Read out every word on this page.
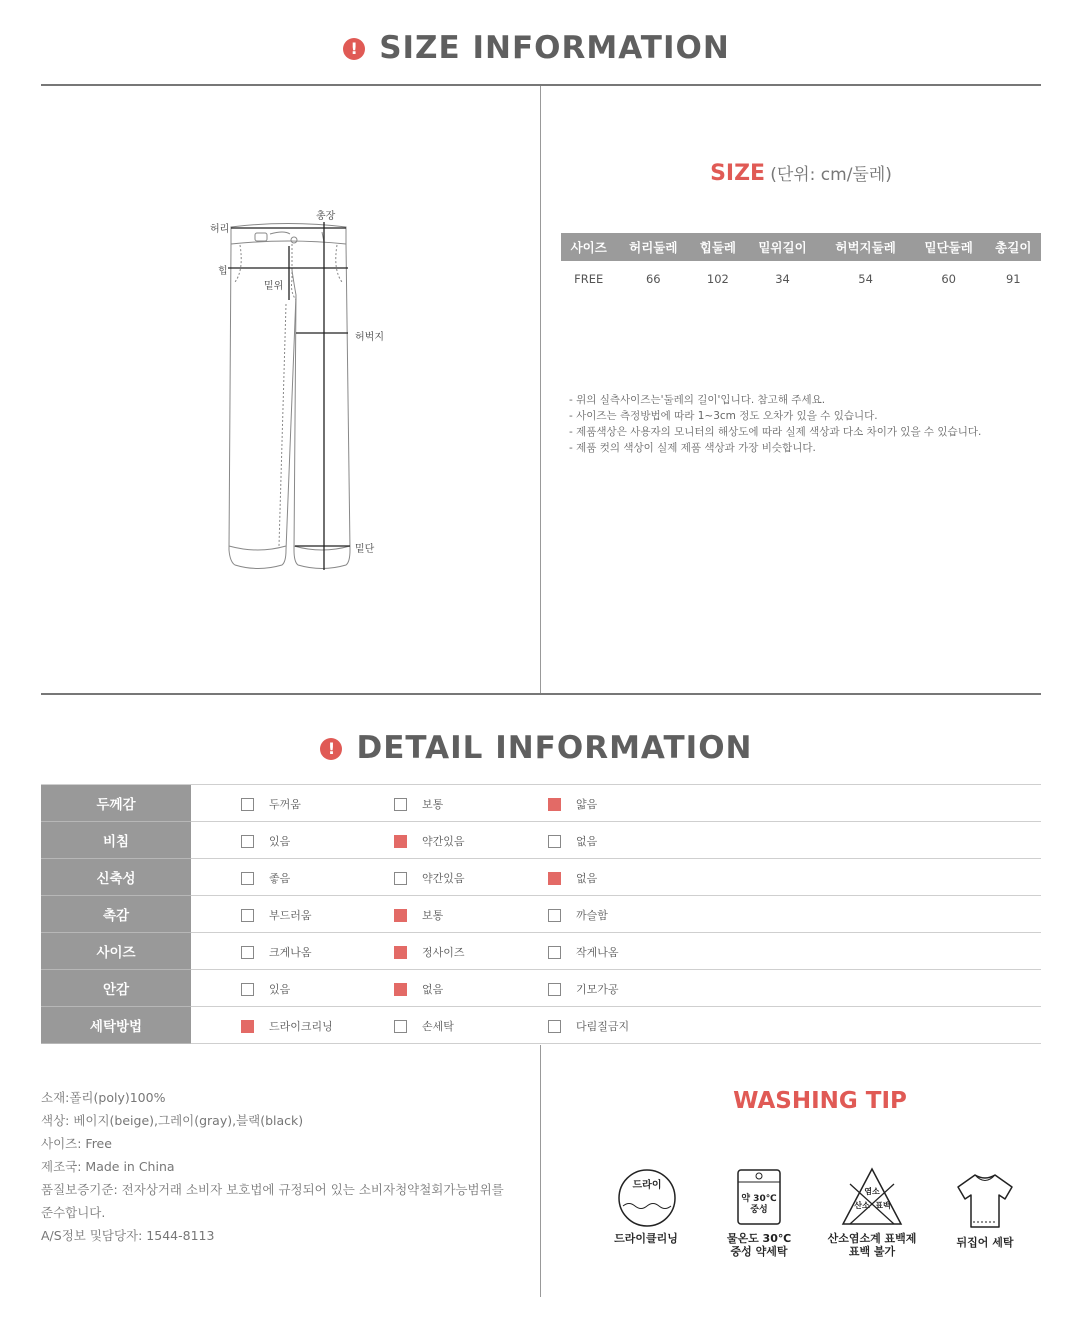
! SIZE INFORMATION
허리
총장
힙
밑위
허벅지
밑단
SIZE (단위: cm/둘레)
사이즈	허리둘레	힙둘레	밑위길이	허벅지둘레	밑단둘레	총길이
FREE	66	102	34	54	60	91
- 위의 실측사이즈는'둘레의 길이'입니다. 참고해 주세요.
- 사이즈는 측정방법에 따라 1~3cm 정도 오차가 있을 수 있습니다.
- 제품색상은 사용자의 모니터의 해상도에 따라 실제 색상과 다소 차이가 있을 수 있습니다.
- 제품 컷의 색상이 실제 제품 색상과 가장 비슷합니다.
! DETAIL INFORMATION
두께감	두꺼움 보통 얇음

비침	있음 약간있음 없음

신축성	좋음 약간있음 없음

촉감	부드러움 보통 까슬함

사이즈	크게나옴 정사이즈 작게나옴

안감	있음 없음 기모가공

세탁방법	드라이크리닝 손세탁 다림질금지
소재:폴리(poly)100%
색상: 베이지(beige),그레이(gray),블랙(black)
사이즈: Free
제조국: Made in China
품질보증기준: 전자상거래 소비자 보호법에 규정되어 있는 소비자청약철회가능범위를
준수합니다.
A/S정보 및담당자: 1544-8113
WASHING TIP
드라이
드라이클리닝
약 30℃
중성
물온도 30℃
중성 약세탁
염소
산소 표백
산소염소계 표백제
표백 불가
뒤집어 세탁
